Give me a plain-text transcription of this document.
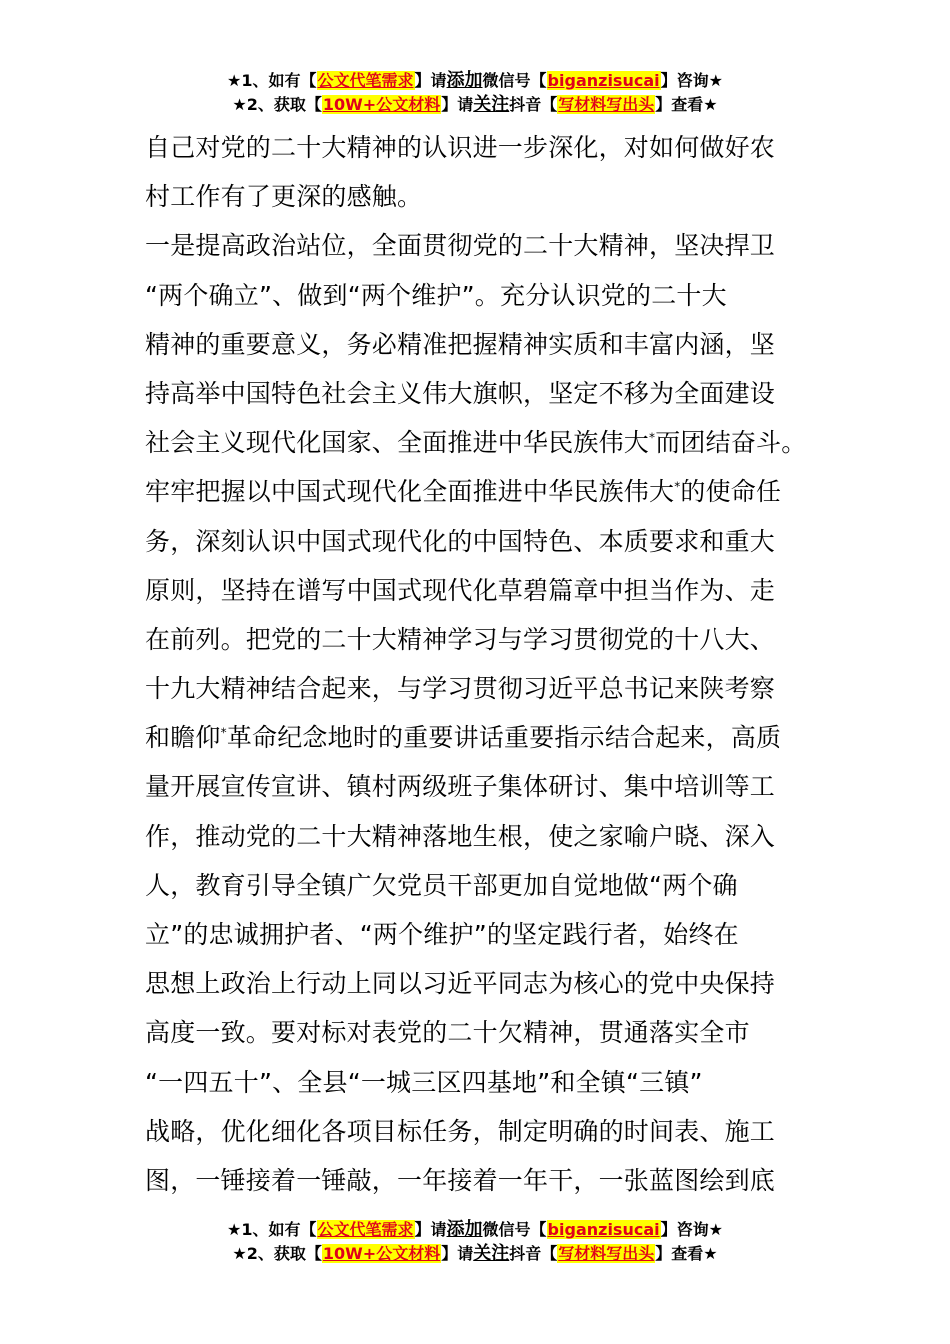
★1、如有【公文代笔需求】请添加微信号【biganzisucai】咨询★
★2、获取【10W+公文材料】请关注抖音【写材料写出头】查看★
自己对党的二十大精神的认识进一步深化，对如何做好农
村工作有了更深的感触。
一是提高政治站位，全面贯彻党的二十大精神，坚决捍卫
“两个确立”、做到“两个维护”。充分认识党的二十大
精神的重要意义，务必精准把握精神实质和丰富内涵，坚
持高举中国特色社会主义伟大旗帜，坚定不移为全面建设
社会主义现代化国家、全面推进中华民族伟大*而团结奋斗。
牢牢把握以中国式现代化全面推进中华民族伟大*的使命任
务，深刻认识中国式现代化的中国特色、本质要求和重大
原则，坚持在谱写中国式现代化草碧篇章中担当作为、走
在前列。把党的二十大精神学习与学习贯彻党的十八大、
十九大精神结合起来，与学习贯彻习近平总书记来陕考察
和瞻仰*革命纪念地时的重要讲话重要指示结合起来，高质
量开展宣传宣讲、镇村两级班子集体研讨、集中培训等工
作，推动党的二十大精神落地生根，使之家喻户晓、深入
人，教育引导全镇广欠党员干部更加自觉地做“两个确
立”的忠诚拥护者、“两个维护”的坚定践行者，始终在
思想上政治上行动上同以习近平同志为核心的党中央保持
高度一致。要对标对表党的二十欠精神，贯通落实全市
“一四五十”、全县“一城三区四基地”和全镇“三镇”
战略，优化细化各项目标任务，制定明确的时间表、施工
图，一锤接着一锤敲，一年接着一年干，一张蓝图绘到底
★1、如有【公文代笔需求】请添加微信号【biganzisucai】咨询★
★2、获取【10W+公文材料】请关注抖音【写材料写出头】查看★
